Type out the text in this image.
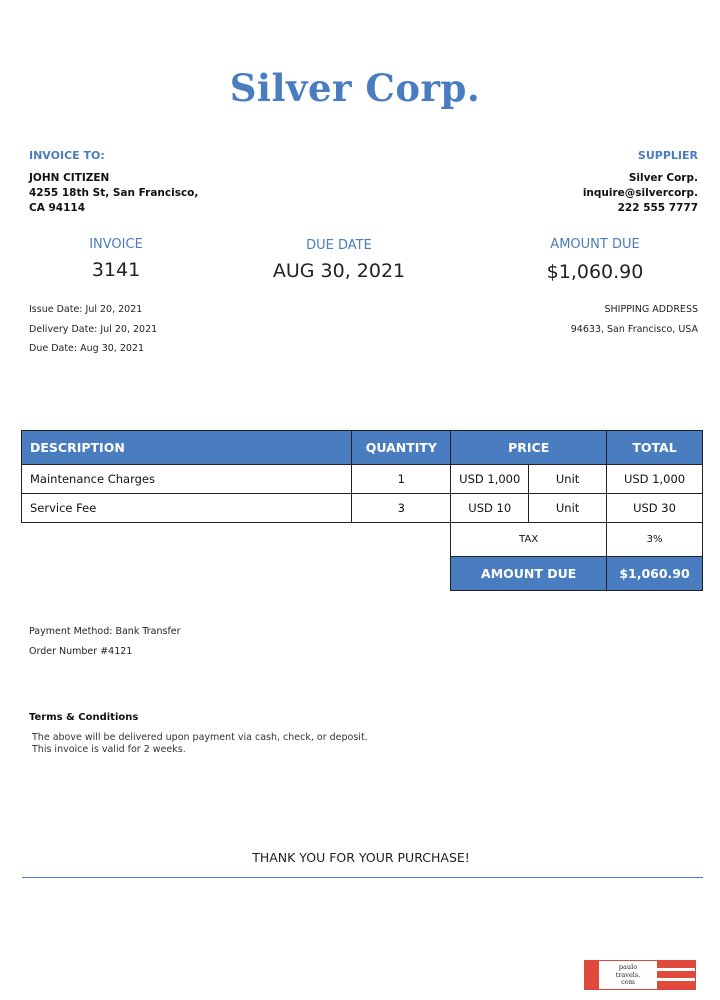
Silver Corp.
INVOICE TO:
JOHN CITIZEN
4255 18th St, San Francisco,
CA 94114
SUPPLIER
Silver Corp.
inquire@silvercorp.
222 555 7777
INVOICE
3141
DUE DATE
AUG 30, 2021
AMOUNT DUE
$1,060.90
Issue Date: Jul 20, 2021
Delivery Date: Jul 20, 2021
Due Date: Aug 30, 2021
SHIPPING ADDRESS
94633, San Francisco, USA
DESCRIPTION	QUANTITY	PRICE		TOTAL
Maintenance Charges	1	USD 1,000	Unit	USD 1,000
Service Fee	3	USD 10	Unit	USD 30
		TAX		3%
		AMOUNT DUE		$1,060.90
Payment Method: Bank Transfer
Order Number #4121
Terms & Conditions
The above will be delivered upon payment via cash, check, or deposit.
This invoice is valid for 2 weeks.
THANK YOU FOR YOUR PURCHASE!
paulo
travels.
com
